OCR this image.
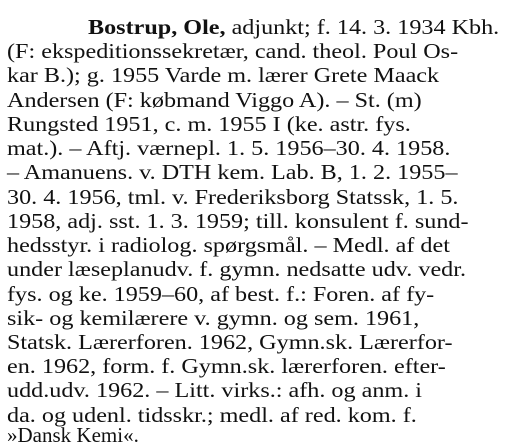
Bostrup, Ole, adjunkt; f. 14. 3. 1934 Kbh.
(F: ekspeditionssekretær, cand. theol. Poul Os-
kar B.); g. 1955 Varde m. lærer Grete Maack
Andersen (F: købmand Viggo A). – St. (m)
Rungsted 1951, c. m. 1955 I (ke. astr. fys.
mat.). – Aftj. værnepl. 1. 5. 1956–30. 4. 1958.
– Amanuens. v. DTH kem. Lab. B, 1. 2. 1955–
30. 4. 1956, tml. v. Frederiksborg Statssk, 1. 5.
1958, adj. sst. 1. 3. 1959; till. konsulent f. sund-
hedsstyr. i radiolog. spørgsmål. – Medl. af det
under læseplanudv. f. gymn. nedsatte udv. vedr.
fys. og ke. 1959–60, af best. f.: Foren. af fy-
sik- og kemilærere v. gymn. og sem. 1961,
Statsk. Lærerforen. 1962, Gymn.sk. Lærerfor-
en. 1962, form. f. Gymn.sk. lærerforen. efter-
udd.udv. 1962. – Litt. virks.: afh. og anm. i
da. og udenl. tidsskr.; medl. af red. kom. f.
»Dansk Kemi«.
